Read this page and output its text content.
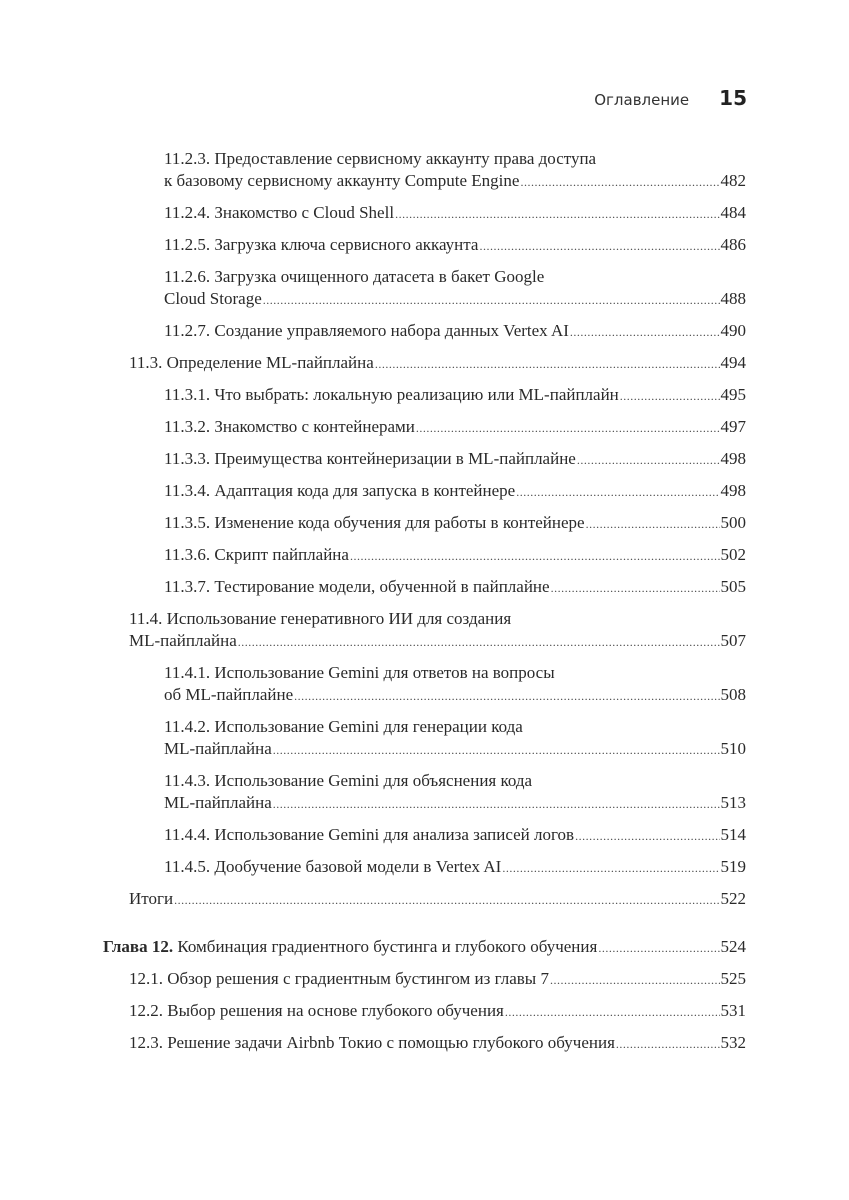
Оглавление 15
11.2.3. Предоставление сервисному аккаунту права доступа
к базовому сервисному аккаунту Compute Engine .....	482
11.2.4. Знакомство с Cloud Shell .....	484
11.2.5. Загрузка ключа сервисного аккаунта .....	486
11.2.6. Загрузка очищенного датасета в бакет Google
Cloud Storage .....	488
11.2.7. Создание управляемого набора данных Vertex AI .....	490
11.3. Определение ML-пайплайна .....	494
11.3.1. Что выбрать: локальную реализацию или ML-пайплайн .....	495
11.3.2. Знакомство с контейнерами .....	497
11.3.3. Преимущества контейнеризации в ML-пайплайне .....	498
11.3.4. Адаптация кода для запуска в контейнере .....	498
11.3.5. Изменение кода обучения для работы в контейнере .....	500
11.3.6. Скрипт пайплайна .....	502
11.3.7. Тестирование модели, обученной в пайплайне .....	505
11.4. Использование генеративного ИИ для создания
ML-пайплайна .....	507
11.4.1. Использование Gemini для ответов на вопросы
об ML-пайплайне .....	508
11.4.2. Использование Gemini для генерации кода
ML-пайплайна .....	510
11.4.3. Использование Gemini для объяснения кода
ML-пайплайна .....	513
11.4.4. Использование Gemini для анализа записей логов .....	514
11.4.5. Дообучение базовой модели в Vertex AI .....	519
Итоги .....	522
Глава 12. Комбинация градиентного бустинга и глубокого обучения .....	524
12.1. Обзор решения с градиентным бустингом из главы 7 .....	525
12.2. Выбор решения на основе глубокого обучения .....	531
12.3. Решение задачи Airbnb Токио с помощью глубокого обучения .....	532
